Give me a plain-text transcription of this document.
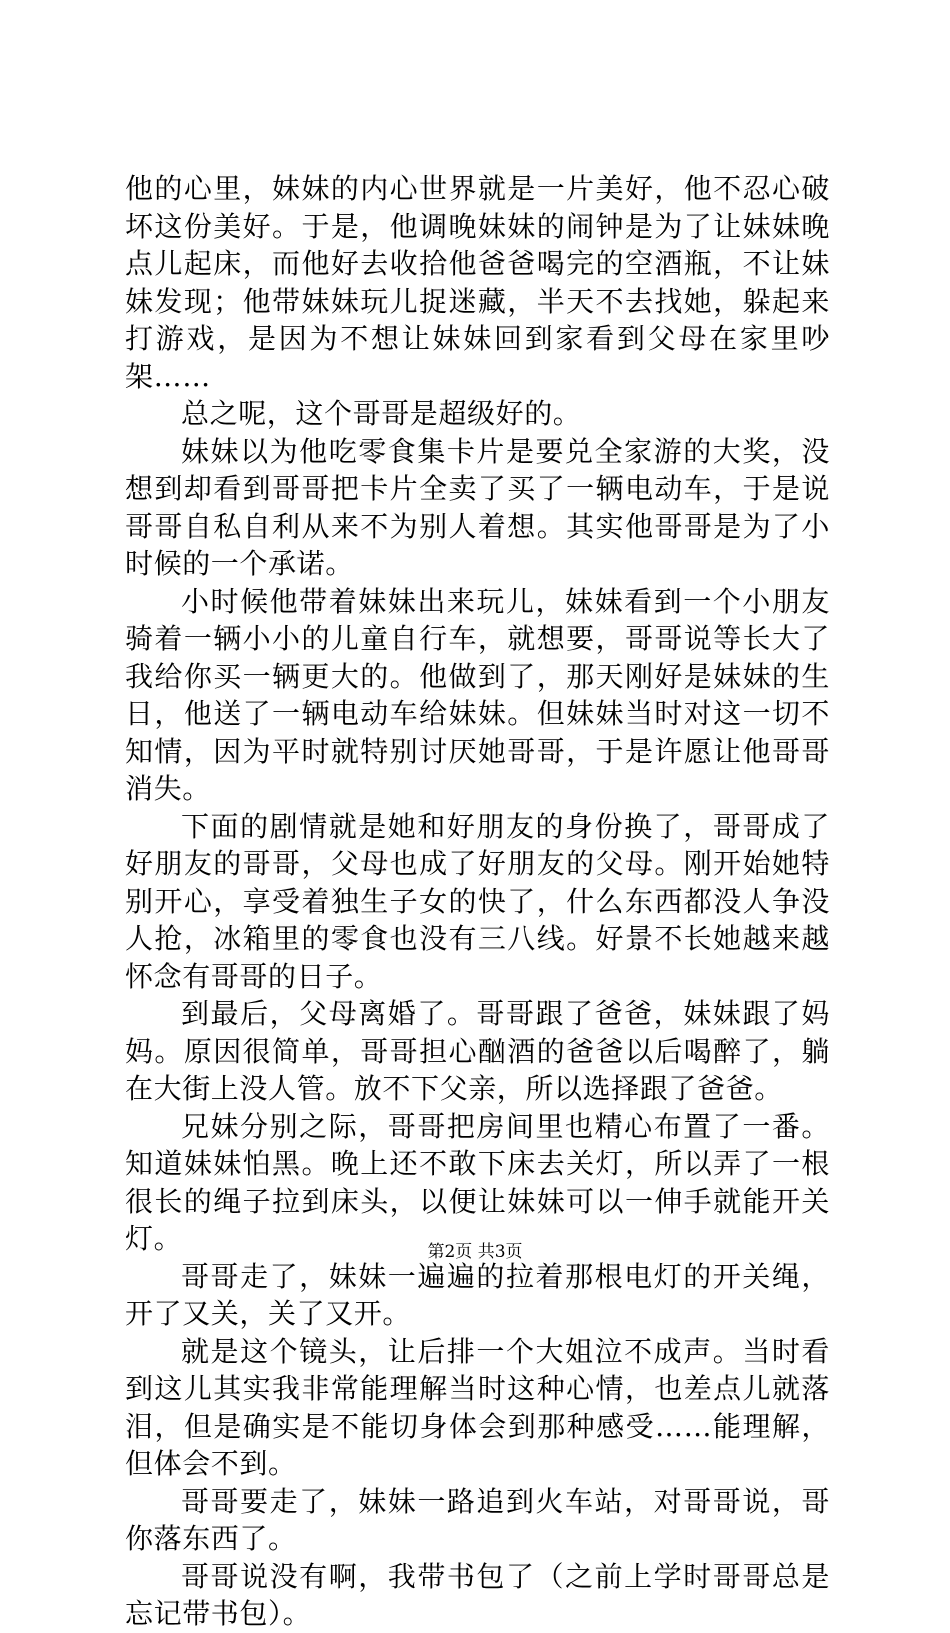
他的心里，妹妹的内心世界就是一片美好，他不忍心破坏这份美好。于是，他调晚妹妹的闹钟是为了让妹妹晚点儿起床，而他好去收拾他爸爸喝完的空酒瓶，不让妹妹发现；他带妹妹玩儿捉迷藏，半天不去找她，躲起来打游戏，是因为不想让妹妹回到家看到父母在家里吵架……

总之呢，这个哥哥是超级好的。

妹妹以为他吃零食集卡片是要兑全家游的大奖，没想到却看到哥哥把卡片全卖了买了一辆电动车，于是说哥哥自私自利从来不为别人着想。其实他哥哥是为了小时候的一个承诺。

小时候他带着妹妹出来玩儿，妹妹看到一个小朋友骑着一辆小小的儿童自行车，就想要，哥哥说等长大了我给你买一辆更大的。他做到了，那天刚好是妹妹的生日，他送了一辆电动车给妹妹。但妹妹当时对这一切不知情，因为平时就特别讨厌她哥哥，于是许愿让他哥哥消失。

下面的剧情就是她和好朋友的身份换了，哥哥成了好朋友的哥哥，父母也成了好朋友的父母。刚开始她特别开心，享受着独生子女的快了，什么东西都没人争没人抢，冰箱里的零食也没有三八线。好景不长她越来越怀念有哥哥的日子。

到最后，父母离婚了。哥哥跟了爸爸，妹妹跟了妈妈。原因很简单，哥哥担心酗酒的爸爸以后喝醉了，躺在大街上没人管。放不下父亲，所以选择跟了爸爸。

兄妹分别之际，哥哥把房间里也精心布置了一番。知道妹妹怕黑。晚上还不敢下床去关灯，所以弄了一根很长的绳子拉到床头，以便让妹妹可以一伸手就能开关灯。

哥哥走了，妹妹一遍遍的拉着那根电灯的开关绳，开了又关，关了又开。

就是这个镜头，让后排一个大姐泣不成声。当时看到这儿其实我非常能理解当时这种心情，也差点儿就落泪，但是确实是不能切身体会到那种感受……能理解，但体会不到。

哥哥要走了，妹妹一路追到火车站，对哥哥说，哥你落东西了。

哥哥说没有啊，我带书包了（之前上学时哥哥总是忘记带书包）。

第2页 共3页
